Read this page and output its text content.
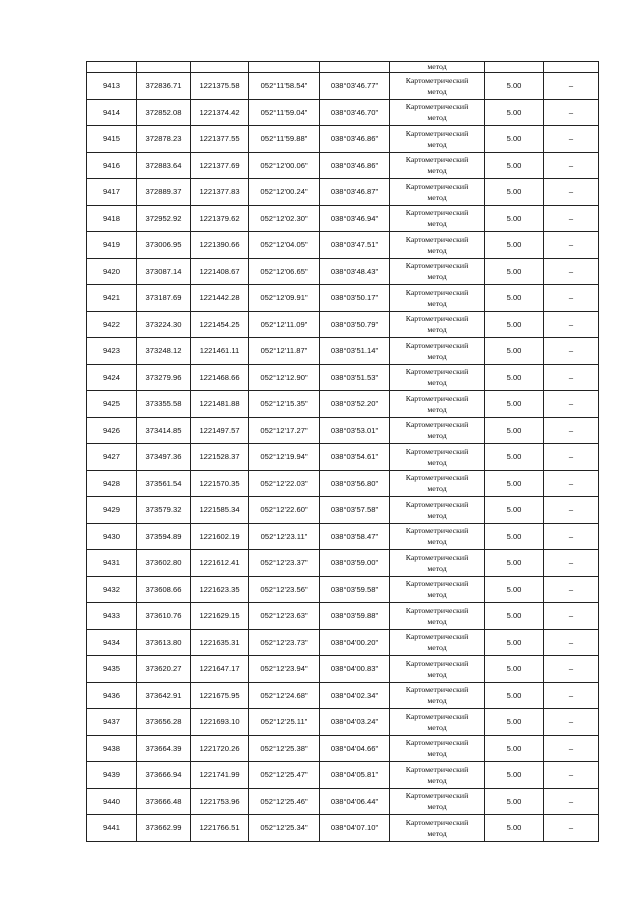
					метод		
9413	372836.71	1221375.58	052°11'58.54"	038°03'46.77"	Картометрический
метод	5.00	–
9414	372852.08	1221374.42	052°11'59.04"	038°03'46.70"	Картометрический
метод	5.00	–
9415	372878.23	1221377.55	052°11'59.88"	038°03'46.86"	Картометрический
метод	5.00	–
9416	372883.64	1221377.69	052°12'00.06"	038°03'46.86"	Картометрический
метод	5.00	–
9417	372889.37	1221377.83	052°12'00.24"	038°03'46.87"	Картометрический
метод	5.00	–
9418	372952.92	1221379.62	052°12'02.30"	038°03'46.94"	Картометрический
метод	5.00	–
9419	373006.95	1221390.66	052°12'04.05"	038°03'47.51"	Картометрический
метод	5.00	–
9420	373087.14	1221408.67	052°12'06.65"	038°03'48.43"	Картометрический
метод	5.00	–
9421	373187.69	1221442.28	052°12'09.91"	038°03'50.17"	Картометрический
метод	5.00	–
9422	373224.30	1221454.25	052°12'11.09"	038°03'50.79"	Картометрический
метод	5.00	–
9423	373248.12	1221461.11	052°12'11.87"	038°03'51.14"	Картометрический
метод	5.00	–
9424	373279.96	1221468.66	052°12'12.90"	038°03'51.53"	Картометрический
метод	5.00	–
9425	373355.58	1221481.88	052°12'15.35"	038°03'52.20"	Картометрический
метод	5.00	–
9426	373414.85	1221497.57	052°12'17.27"	038°03'53.01"	Картометрический
метод	5.00	–
9427	373497.36	1221528.37	052°12'19.94"	038°03'54.61"	Картометрический
метод	5.00	–
9428	373561.54	1221570.35	052°12'22.03"	038°03'56.80"	Картометрический
метод	5.00	–
9429	373579.32	1221585.34	052°12'22.60"	038°03'57.58"	Картометрический
метод	5.00	–
9430	373594.89	1221602.19	052°12'23.11"	038°03'58.47"	Картометрический
метод	5.00	–
9431	373602.80	1221612.41	052°12'23.37"	038°03'59.00"	Картометрический
метод	5.00	–
9432	373608.66	1221623.35	052°12'23.56"	038°03'59.58"	Картометрический
метод	5.00	–
9433	373610.76	1221629.15	052°12'23.63"	038°03'59.88"	Картометрический
метод	5.00	–
9434	373613.80	1221635.31	052°12'23.73"	038°04'00.20"	Картометрический
метод	5.00	–
9435	373620.27	1221647.17	052°12'23.94"	038°04'00.83"	Картометрический
метод	5.00	–
9436	373642.91	1221675.95	052°12'24.68"	038°04'02.34"	Картометрический
метод	5.00	–
9437	373656.28	1221693.10	052°12'25.11"	038°04'03.24"	Картометрический
метод	5.00	–
9438	373664.39	1221720.26	052°12'25.38"	038°04'04.66"	Картометрический
метод	5.00	–
9439	373666.94	1221741.99	052°12'25.47"	038°04'05.81"	Картометрический
метод	5.00	–
9440	373666.48	1221753.96	052°12'25.46"	038°04'06.44"	Картометрический
метод	5.00	–
9441	373662.99	1221766.51	052°12'25.34"	038°04'07.10"	Картометрический
метод	5.00	–
